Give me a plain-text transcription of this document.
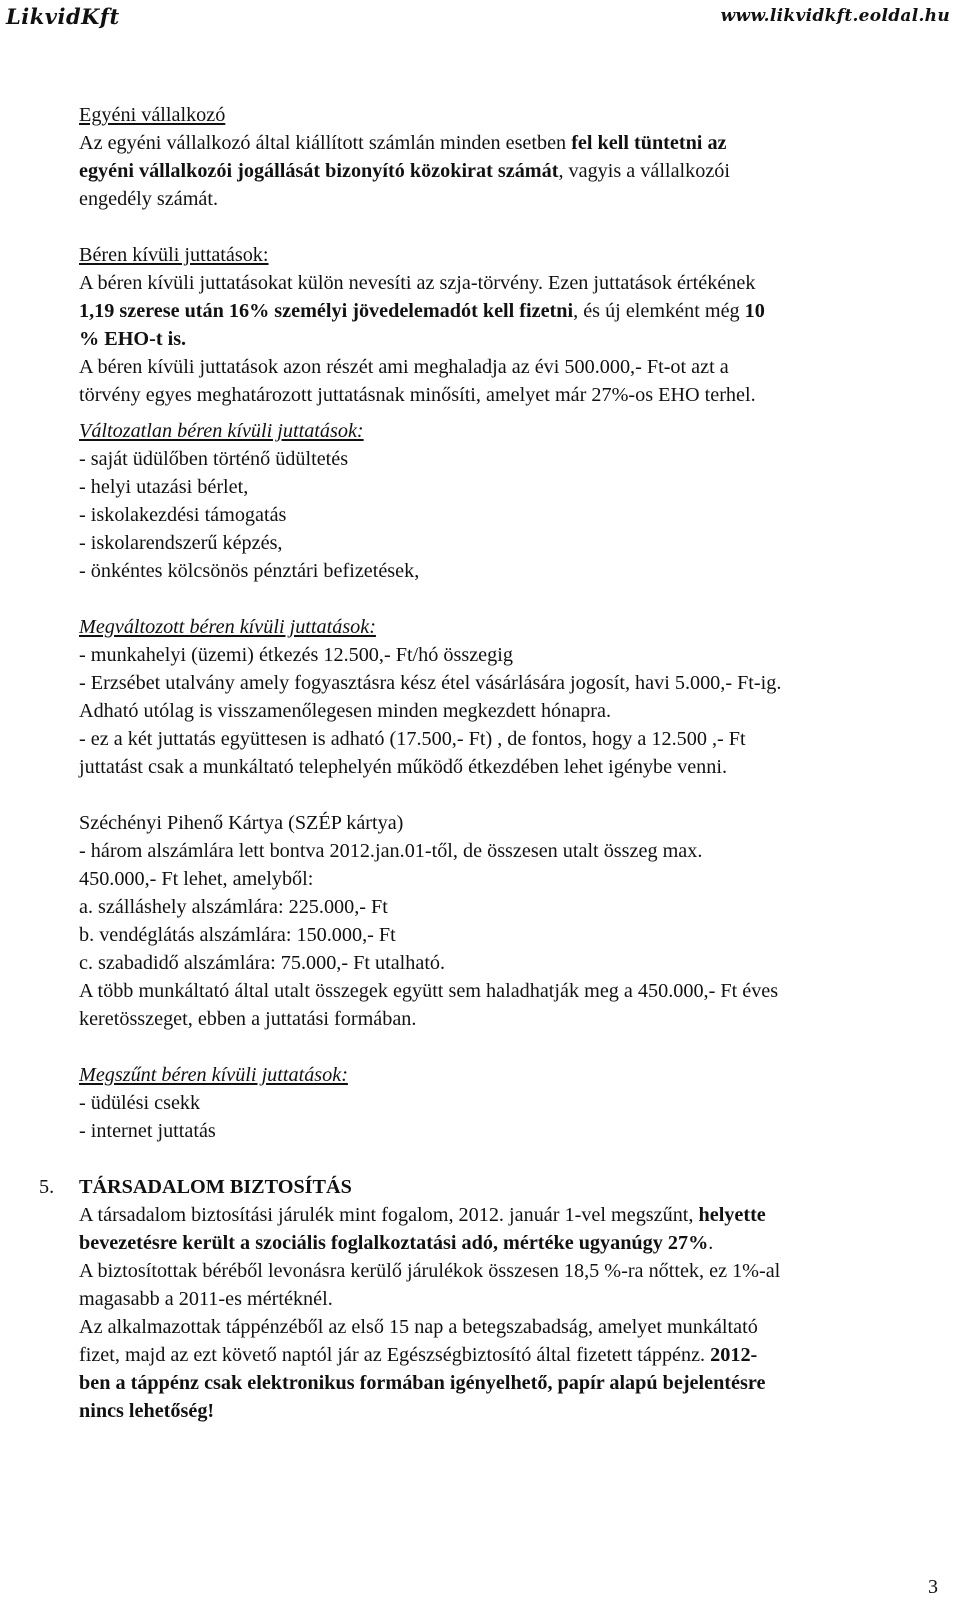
LikvidKft	www.likvidkft.eoldal.hu

Egyéni vállalkozó

Az egyéni vállalkozó által kiállított számlán minden esetben fel kell tüntetni az

egyéni vállalkozói jogállását bizonyító közokirat számát, vagyis a vállalkozói

engedély számát.

Béren kívüli juttatások:

A béren kívüli juttatásokat külön nevesíti az szja-törvény. Ezen juttatások értékének

1,19 szerese után 16% személyi jövedelemadót kell fizetni, és új elemként még 10

% EHO-t is.

A béren kívüli juttatások azon részét ami meghaladja az évi 500.000,- Ft-ot azt a

törvény egyes meghatározott juttatásnak minősíti, amelyet már 27%-os EHO terhel.

Változatlan béren kívüli juttatások:

- saját üdülőben történő üdültetés

- helyi utazási bérlet,

- iskolakezdési támogatás

- iskolarendszerű képzés,

- önkéntes kölcsönös pénztári befizetések,

Megváltozott béren kívüli juttatások:

- munkahelyi (üzemi) étkezés 12.500,- Ft/hó összegig

- Erzsébet utalvány amely fogyasztásra kész étel vásárlására jogosít, havi 5.000,- Ft-ig.

Adható utólag is visszamenőlegesen minden megkezdett hónapra.

- ez a két juttatás együttesen is adható (17.500,- Ft) , de fontos, hogy a 12.500 ,- Ft

juttatást csak a munkáltató telephelyén működő étkezdében lehet igénybe venni.

Széchényi Pihenő Kártya (SZÉP kártya)

- három alszámlára lett bontva 2012.jan.01-től, de összesen utalt összeg max.

450.000,- Ft lehet, amelyből:

a. szálláshely alszámlára: 225.000,- Ft

b. vendéglátás alszámlára: 150.000,- Ft

c. szabadidő alszámlára: 75.000,- Ft utalható.

A több munkáltató által utalt összegek együtt sem haladhatják meg a 450.000,- Ft éves

keretösszeget, ebben a juttatási formában.

Megszűnt béren kívüli juttatások:

- üdülési csekk

- internet juttatás

5. TÁRSADALOM BIZTOSÍTÁS

A társadalom biztosítási járulék mint fogalom, 2012. január 1-vel megszűnt, helyette

bevezetésre került a szociális foglalkoztatási adó, mértéke ugyanúgy 27%.

A biztosítottak béréből levonásra kerülő járulékok összesen 18,5 %-ra nőttek, ez 1%-al

magasabb a 2011-es mértéknél.

Az alkalmazottak táppénzéből az első 15 nap a betegszabadság, amelyet munkáltató

fizet, majd az ezt követő naptól jár az Egészségbiztosító által fizetett táppénz. 2012-

ben a táppénz csak elektronikus formában igényelhető, papír alapú bejelentésre

nincs lehetőség!

3
